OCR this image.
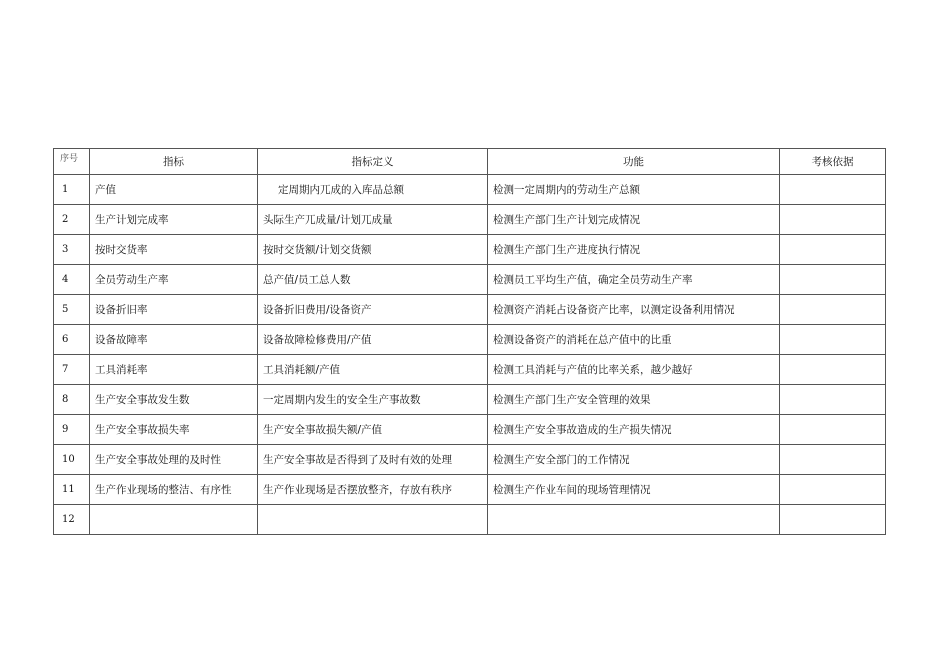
序号	指标	指标定义	功能	考核依据
1	产值	定周期内兀成的入库品总额	检测一定周期内的劳动生产总额	
2	生产计划完成率	头际生产兀成量/计划兀成量	检测生产部门生产计划完成情况	
3	按时交货率	按时交货额/计划交货额	检测生产部门生产进度执行情况	
4	全员劳动生产率	总产值/员工总人数	检测员工平均生产值，确定全员劳动生产率	
5	设备折旧率	设备折旧费用/设备资产	检测资产消耗占设备资产比率，以测定设备利用情况	
6	设备故障率	设备故障检修费用/产值	检测设备资产的消耗在总产值中的比重	
7	工具消耗率	工具消耗额/产值	检测工具消耗与产值的比率关系，越少越好	
8	生产安全事故发生数	一定周期内发生的安全生产事故数	检测生产部门生产安全管理的效果	
9	生产安全事故损失率	生产安全事故损失额/产值	检测生产安全事故造成的生产损失情况	
10	生产安全事故处理的及时性	生产安全事故是否得到了及时有效的处理	检测生产安全部门的工作情况	
11	生产作业现场的整洁、有序性	生产作业现场是否摆放整齐，存放有秩序	检测生产作业车间的现场管理情况	
12				
